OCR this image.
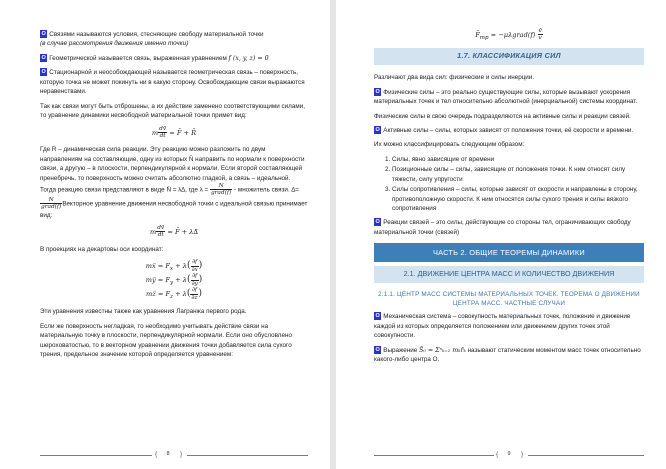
О Связями называются условия, стесняющие свободу материальной точки
(в случае рассмотрения движения именно точки)

О Геометрической называется связь, выраженная уравнением f (x, y, z) = 0

О Стационарной и неособождающей называется геометрическая связь – поверхность, которую точка не может покинуть ни в какую сторону. Освобождающие связи выражаются неравенствами.

Так как связи могут быть отброшены, а их действие заменено соответствующими силами, то уравнение динамики несвободной материальной точки примет вид:

m $\frac{dv̄}{dt}$ = F̄ + R̄

Где R – динамическая сила реакции. Эту реакцию можно разложить по двум направлениям на составляющие, одну из которых N̄ направить по нормали к поверхности связи, а другую – в плоскости, перпендикулярной к нормали. Если второй составляющей пренебречь, то поверхность можно считать абсолютно гладкой, а связь – идеальной. Тогда реакцию связи представляют в виде N̄ = λ∆, где $\lambda = \frac{N}{\text{grad(f)}}$ - множитель связи. ∆=
$\frac{N}{\text{grad(f)}}$ Векторное уравнение движения несвободной точки с идеальной связью принимает вид:

m $\frac{dv̄}{dt}$ = F̄ + λ∆̄

В проекциях на декартовы оси координат:

mẍ = $F_x + \lambda( \frac{\partial f}{\partial x}$ )
mÿ = $F_y + \lambda( \frac{\partial f}{\partial y}$ )
mz̈ = $F_z + \lambda( \frac{\partial f}{\partial z}$ )

Эти уравнения известны также как уравнения Лагранжа первого рода.

Если же поверхность негладкая, то необходимо учитывать действие связи на материальную точку в плоскости, перпендикулярной нормали. Если оно обусловлено шероховатостью, то в векторном уравнении движения точки добавляется сила сухого трения, предельное значение которой определяется уравнением:

{	8	}
$F̄_{тр}$ = −μλgrad(f) $\frac{v̄}{v}$
1.7. КЛАССИФИКАЦИЯ СИЛ

Различают два вида сил: физические и силы инерции.

О Физические силы – это реально существующие силы, которые вызывают ускорения материальных точек и тел относительно абсолютной (инерциальной) системы координат.

Физические силы в свою очередь подразделяются на активные силы и реакции связей.

О Активные силы – силы, которых зависят от положения точки, её скорости и времени.

Их можно классифицировать следующим образом:

1. Силы, явно зависящие от времени
2. Позиционные силы – силы, зависящие от положения точки. К ним относят силу тяжести, силу упругости
3. Силы сопротивления – силы, которые зависят от скорости и направлены в сторону, противоположную скорости. К ним относятся силы сухого трения и силы вязкого сопротивления

О Реакции связей – это силы, действующие со стороны тел, ограничивающих свободу материальной точки (связей)

ЧАСТЬ 2. ОБЩИЕ ТЕОРЕМЫ ДИНАМИКИ
2.1. ДВИЖЕНИЕ ЦЕНТРА МАСС И КОЛИЧЕСТВО ДВИЖЕНИЯ
2.1.1. ЦЕНТР МАСС СИСТЕМЫ МАТЕРИАЛЬНЫХ ТОЧЕК. ТЕОРЕМА О ДВИЖЕНИИ ЦЕНТРА МАСС. ЧАСТНЫЕ СЛУЧАИ

О Механическая система – совокупность материальных точек, положение и движение каждой из которых определяется положением или движением других точек этой совокупности.

О Выражение S̄₀ = Σⁿₖ₌₁ mₖr̄ₖ называют статическим моментом масс точек относительно какого-либо центра O.

{	9	}
